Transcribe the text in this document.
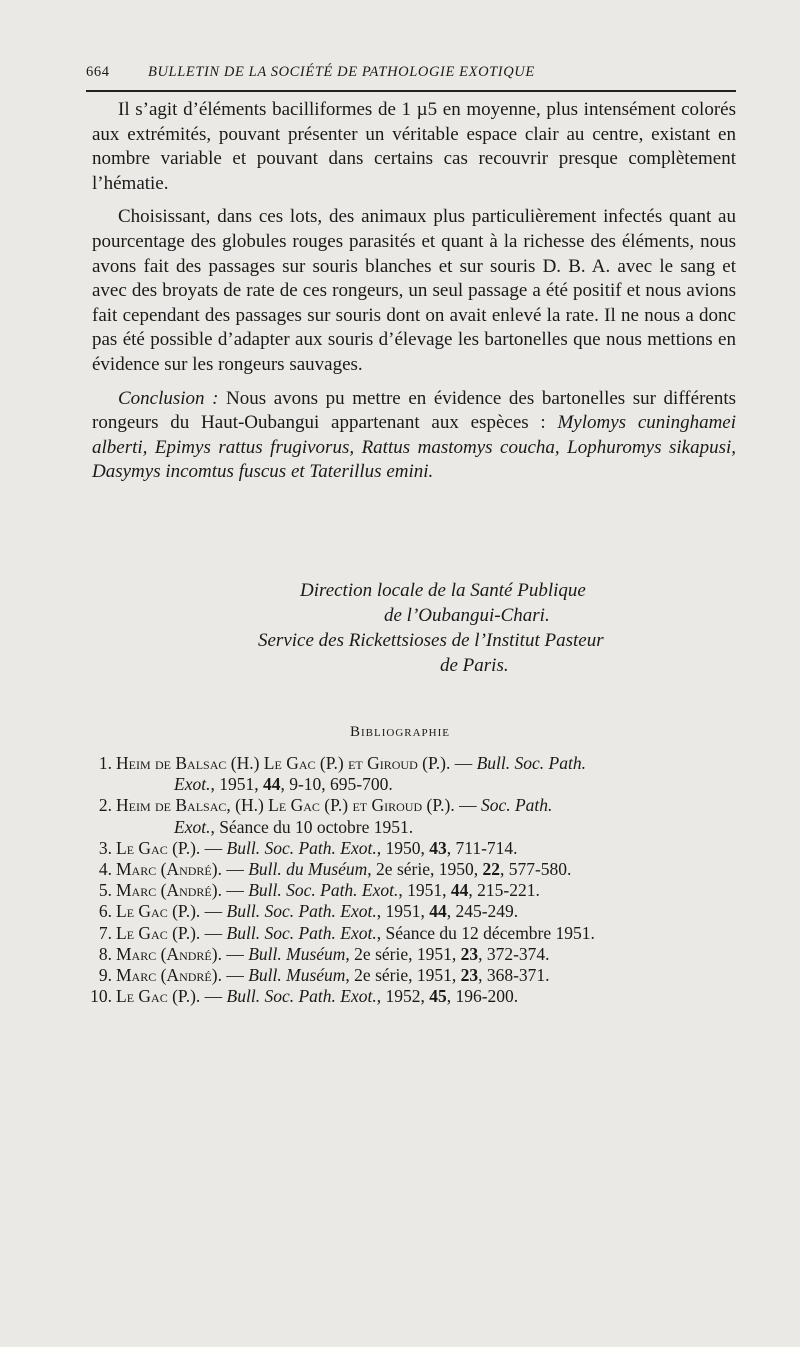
664	BULLETIN DE LA SOCIÉTÉ DE PATHOLOGIE EXOTIQUE

Il s’agit d’éléments bacilliformes de 1 µ5 en moyenne, plus intensément colorés aux extrémités, pouvant présenter un véritable espace clair au centre, existant en nombre variable et pouvant dans certains cas recouvrir presque complètement l’hématie.

Choisissant, dans ces lots, des animaux plus particulièrement infectés quant au pourcentage des globules rouges parasités et quant à la richesse des éléments, nous avons fait des passages sur souris blanches et sur souris D. B. A. avec le sang et avec des broyats de rate de ces rongeurs, un seul passage a été positif et nous avions fait cependant des passages sur souris dont on avait enlevé la rate. Il ne nous a donc pas été possible d’adapter aux souris d’élevage les bartonelles que nous mettions en évidence sur les rongeurs sauvages.

Conclusion : Nous avons pu mettre en évidence des bartonelles sur différents rongeurs du Haut-Oubangui appartenant aux espèces : Mylomys cuninghamei alberti, Epimys rattus frugivorus, Rattus mastomys coucha, Lophuromys sikapusi, Dasymys incomtus fuscus et Taterillus emini.

Direction locale de la Santé Publique
de l’Oubangui-Chari.
Service des Rickettsioses de l’Institut Pasteur
de Paris.
Bibliographie
1. Heim de Balsac (H.) Le Gac (P.) et Giroud (P.). — Bull. Soc. Path.
Exot., 1951, 44, 9-10, 695-700.
2. Heim de Balsac, (H.) Le Gac (P.) et Giroud (P.). — Soc. Path.
Exot., Séance du 10 octobre 1951.
3. Le Gac (P.). — Bull. Soc. Path. Exot., 1950, 43, 711-714.
4. Marc (André). — Bull. du Muséum, 2e série, 1950, 22, 577-580.
5. Marc (André). — Bull. Soc. Path. Exot., 1951, 44, 215-221.
6. Le Gac (P.). — Bull. Soc. Path. Exot., 1951, 44, 245-249.
7. Le Gac (P.). — Bull. Soc. Path. Exot., Séance du 12 décembre 1951.
8. Marc (André). — Bull. Muséum, 2e série, 1951, 23, 372-374.
9. Marc (André). — Bull. Muséum, 2e série, 1951, 23, 368-371.
10. Le Gac (P.). — Bull. Soc. Path. Exot., 1952, 45, 196-200.
